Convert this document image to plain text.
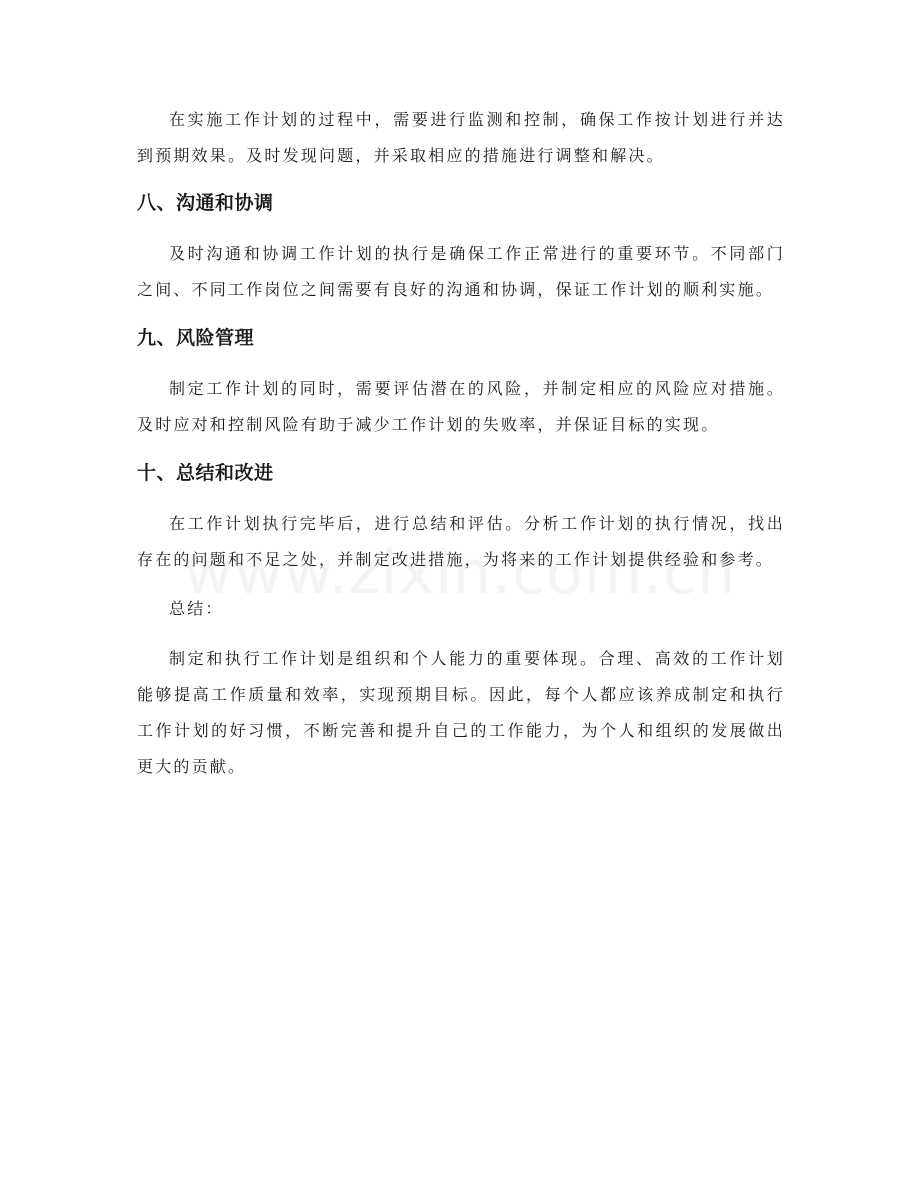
在实施工作计划的过程中，需要进行监测和控制，确保工作按计划进行并达到预期效果。及时发现问题，并采取相应的措施进行调整和解决。

八、沟通和协调

及时沟通和协调工作计划的执行是确保工作正常进行的重要环节。不同部门之间、不同工作岗位之间需要有良好的沟通和协调，保证工作计划的顺利实施。

九、风险管理

制定工作计划的同时，需要评估潜在的风险，并制定相应的风险应对措施。及时应对和控制风险有助于减少工作计划的失败率，并保证目标的实现。

十、总结和改进

在工作计划执行完毕后，进行总结和评估。分析工作计划的执行情况，找出存在的问题和不足之处，并制定改进措施，为将来的工作计划提供经验和参考。

总结：

制定和执行工作计划是组织和个人能力的重要体现。合理、高效的工作计划能够提高工作质量和效率，实现预期目标。因此，每个人都应该养成制定和执行工作计划的好习惯，不断完善和提升自己的工作能力，为个人和组织的发展做出更大的贡献。
